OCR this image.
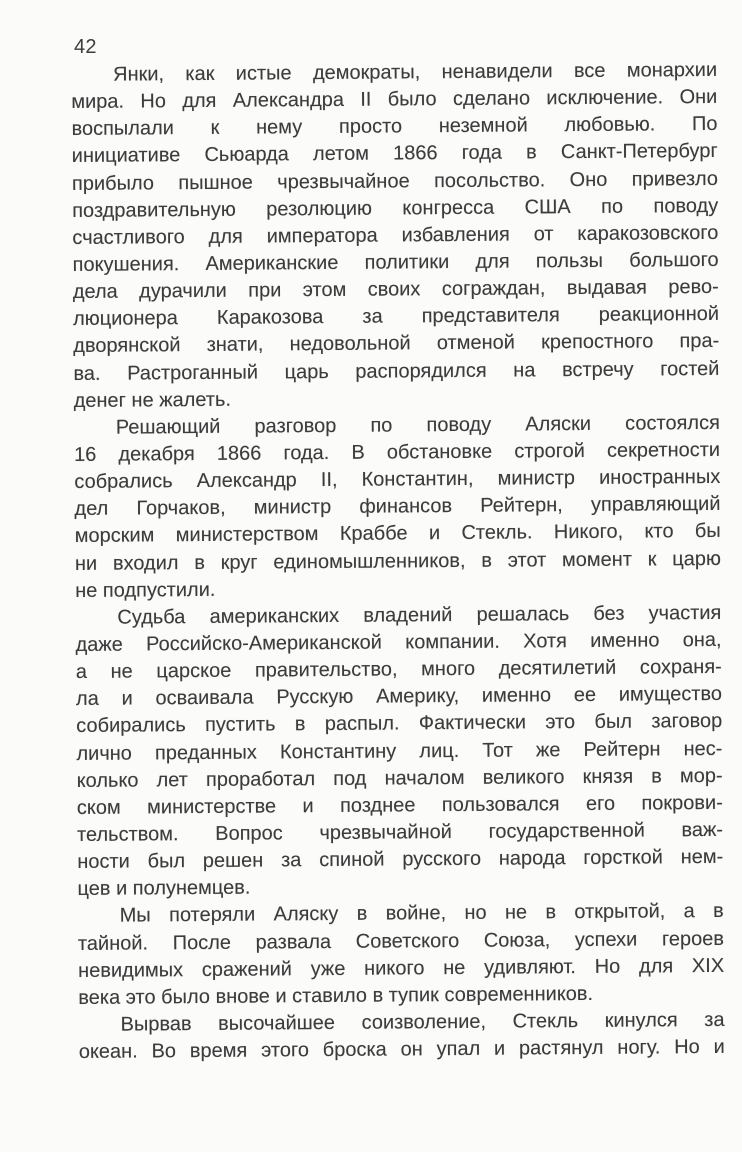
42
Янки, как истые демократы, ненавидели все монархии
мира. Но для Александра II было сделано исключение. Они
воспылали к нему просто неземной любовью. По
инициативе Сьюарда летом 1866 года в Санкт-Петербург
прибыло пышное чрезвычайное посольство. Оно привезло
поздравительную резолюцию конгресса США по поводу
счастливого для императора избавления от каракозовского
покушения. Американские политики для пользы большого
дела дурачили при этом своих сограждан, выдавая рево-
люционера Каракозова за представителя реакционной
дворянской знати, недовольной отменой крепостного пра-
ва. Растроганный царь распорядился на встречу гостей
денег не жалеть.
Решающий разговор по поводу Аляски состоялся
16 декабря 1866 года. В обстановке строгой секретности
собрались Александр II, Константин, министр иностранных
дел Горчаков, министр финансов Рейтерн, управляющий
морским министерством Краббе и Стекль. Никого, кто бы
ни входил в круг единомышленников, в этот момент к царю
не подпустили.
Судьба американских владений решалась без участия
даже Российско-Американской компании. Хотя именно она,
а не царское правительство, много десятилетий сохраня-
ла и осваивала Русскую Америку, именно ее имущество
собирались пустить в распыл. Фактически это был заговор
лично преданных Константину лиц. Тот же Рейтерн нес-
колько лет проработал под началом великого князя в мор-
ском министерстве и позднее пользовался его покрови-
тельством. Вопрос чрезвычайной государственной важ-
ности был решен за спиной русского народа горсткой нем-
цев и полунемцев.
Мы потеряли Аляску в войне, но не в открытой, а в
тайной. После развала Советского Союза, успехи героев
невидимых сражений уже никого не удивляют. Но для XIX
века это было внове и ставило в тупик современников.
Вырвав высочайшее соизволение, Стекль кинулся за
океан. Во время этого броска он упал и растянул ногу. Но и
